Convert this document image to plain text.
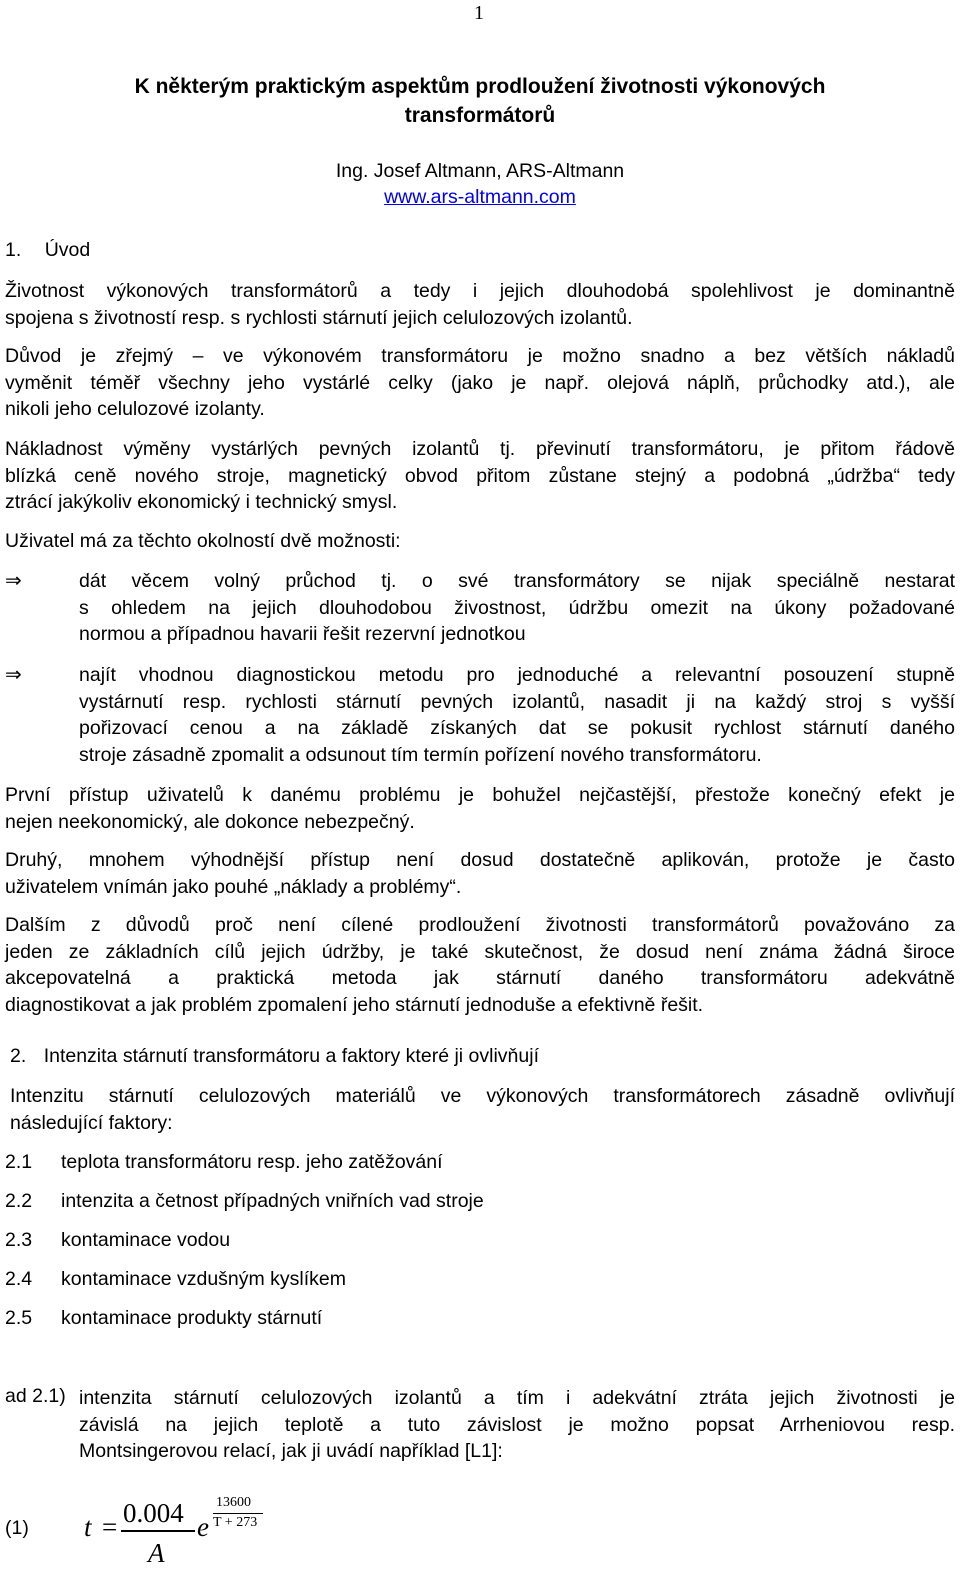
1
K některým praktickým aspektům prodloužení životnosti výkonových
transformátorů
Ing. Josef Altmann, ARS-Altmann
www.ars-altmann.com
1. Úvod
Životnost výkonových transformátorů a tedy i jejich dlouhodobá spolehlivost je dominantně
spojena s životností resp. s rychlosti stárnutí jejich celulozových izolantů.
Důvod je zřejmý – ve výkonovém transformátoru je možno snadno a bez větších nákladů
vyměnit téměř všechny jeho vystárlé celky (jako je např. olejová náplň, průchodky atd.), ale
nikoli jeho celulozové izolanty.
Nákladnost výměny vystárlých pevných izolantů tj. převinutí transformátoru, je přitom řádově
blízká ceně nového stroje, magnetický obvod přitom zůstane stejný a podobná „údržba“ tedy
ztrácí jakýkoliv ekonomický i technický smysl.
Uživatel má za těchto okolností dvě možnosti:
⇒	dát věcem volný průchod tj. o své transformátory se nijak speciálně nestarat
s ohledem na jejich dlouhodobou živostnost, údržbu omezit na úkony požadované
normou a případnou havarii řešit rezervní jednotkou
⇒	najít vhodnou diagnostickou metodu pro jednoduché a relevantní posouzení stupně
vystárnutí resp. rychlosti stárnutí pevných izolantů, nasadit ji na každý stroj s vyšší
pořizovací cenou a na základě získaných dat se pokusit rychlost stárnutí daného
stroje zásadně zpomalit a odsunout tím termín pořízení nového transformátoru.
První přístup uživatelů k danému problému je bohužel nejčastější, přestože konečný efekt je
nejen neekonomický, ale dokonce nebezpečný.
Druhý, mnohem výhodnější přístup není dosud dostatečně aplikován, protože je často
uživatelem vnímán jako pouhé „náklady a problémy“.
Dalším z důvodů proč není cílené prodloužení životnosti transformátorů považováno za
jeden ze základních cílů jejich údržby, je také skutečnost, že dosud není známa žádná široce
akcepovatelná a praktická metoda jak stárnutí daného transformátoru adekvátně
diagnostikovat a jak problém zpomalení jeho stárnutí jednoduše a efektivně řešit.
2. Intenzita stárnutí transformátoru a faktory které ji ovlivňují
Intenzitu stárnutí celulozových materiálů ve výkonových transformátorech zásadně ovlivňují
následující faktory:
2.1 teplota transformátoru resp. jeho zatěžování
2.2 intenzita a četnost případných vniřních vad stroje
2.3 kontaminace vodou
2.4 kontaminace vzdušným kyslíkem
2.5 kontaminace produkty stárnutí
ad 2.1) intenzita stárnutí celulozových izolantů a tím i adekvátní ztráta jejich životnosti je
závislá na jejich teplotě a tuto závislost je možno popsat Arrheniovou resp.
Montsingerovou relací, jak ji uvádí například [L1]:
(1) t = 0.004
A
e
13600
T + 273
